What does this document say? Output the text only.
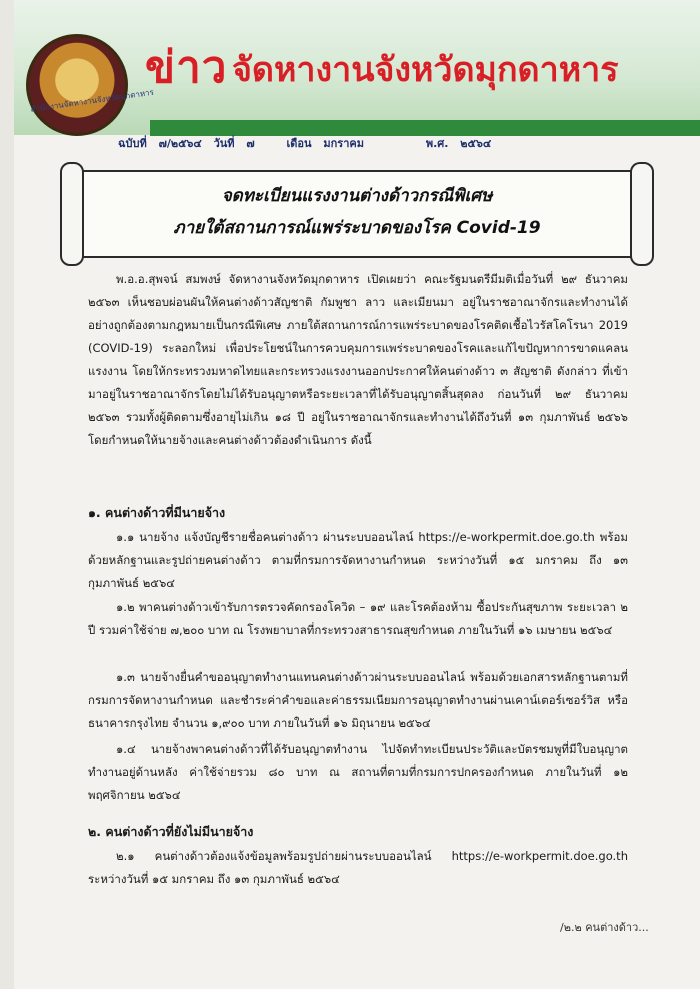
สำนักงานจัดหางานจังหวัดมุกดาหาร
ข่าว จัดหางานจังหวัดมุกดาหาร
ฉบับที่ ๗/๒๕๖๔ วันที่ ๗	เดือน มกราคม	พ.ศ. ๒๕๖๔
จดทะเบียนแรงงานต่างด้าวกรณีพิเศษ
ภายใต้สถานการณ์แพร่ระบาดของโรค Covid-19

พ.อ.อ.สุพจน์ สมพงษ์ จัดหางานจังหวัดมุกดาหาร เปิดเผยว่า คณะรัฐมนตรีมีมติเมื่อวันที่ ๒๙ ธันวาคม ๒๕๖๓ เห็นชอบผ่อนผันให้คนต่างด้าวสัญชาติ กัมพูชา ลาว และเมียนมา อยู่ในราชอาณาจักรและทำงานได้อย่างถูกต้องตามกฎหมายเป็นกรณีพิเศษ ภายใต้สถานการณ์การแพร่ระบาดของโรคติดเชื้อไวรัสโคโรนา 2019 (COVID-19) ระลอกใหม่ เพื่อประโยชน์ในการควบคุมการแพร่ระบาดของโรคและแก้ไขปัญหาการขาดแคลนแรงงาน โดยให้กระทรวงมหาดไทยและกระทรวงแรงงานออกประกาศให้คนต่างด้าว ๓ สัญชาติ ดังกล่าว ที่เข้ามาอยู่ในราชอาณาจักรโดยไม่ได้รับอนุญาตหรือระยะเวลาที่ได้รับอนุญาตสิ้นสุดลง ก่อนวันที่ ๒๙ ธันวาคม ๒๕๖๓ รวมทั้งผู้ติดตามซึ่งอายุไม่เกิน ๑๘ ปี อยู่ในราชอาณาจักรและทำงานได้ถึงวันที่ ๑๓ กุมภาพันธ์ ๒๕๖๖ โดยกำหนดให้นายจ้างและคนต่างด้าวต้องดำเนินการ ดังนี้

๑. คนต่างด้าวที่มีนายจ้าง

๑.๑ นายจ้าง แจ้งบัญชีรายชื่อคนต่างด้าว ผ่านระบบออนไลน์ https://e-workpermit.doe.go.th พร้อมด้วยหลักฐานและรูปถ่ายคนต่างด้าว ตามที่กรมการจัดหางานกำหนด ระหว่างวันที่ ๑๕ มกราคม ถึง ๑๓ กุมภาพันธ์ ๒๕๖๔

๑.๒ พาคนต่างด้าวเข้ารับการตรวจคัดกรองโควิด – ๑๙ และโรคต้องห้าม ซื้อประกันสุขภาพ ระยะเวลา ๒ ปี รวมค่าใช้จ่าย ๗,๒๐๐ บาท ณ โรงพยาบาลที่กระทรวงสาธารณสุขกำหนด ภายในวันที่ ๑๖ เมษายน ๒๕๖๔

๑.๓ นายจ้างยื่นคำขออนุญาตทำงานแทนคนต่างด้าวผ่านระบบออนไลน์ พร้อมด้วยเอกสารหลักฐานตามที่กรมการจัดหางานกำหนด และชำระค่าคำขอและค่าธรรมเนียมการอนุญาตทำงานผ่านเคาน์เตอร์เซอร์วิส หรือธนาคารกรุงไทย จำนวน ๑,๙๐๐ บาท ภายในวันที่ ๑๖ มิถุนายน ๒๕๖๔

๑.๔ นายจ้างพาคนต่างด้าวที่ได้รับอนุญาตทำงาน ไปจัดทำทะเบียนประวัติและบัตรชมพูที่มีใบอนุญาตทำงานอยู่ด้านหลัง ค่าใช้จ่ายรวม ๘๐ บาท ณ สถานที่ตามที่กรมการปกครองกำหนด ภายในวันที่ ๑๒ พฤศจิกายน ๒๕๖๔

๒. คนต่างด้าวที่ยังไม่มีนายจ้าง

๒.๑ คนต่างด้าวต้องแจ้งข้อมูลพร้อมรูปถ่ายผ่านระบบออนไลน์ https://e-workpermit.doe.go.th ระหว่างวันที่ ๑๕ มกราคม ถึง ๑๓ กุมภาพันธ์ ๒๕๖๔

/๒.๒ คนต่างด้าว...
